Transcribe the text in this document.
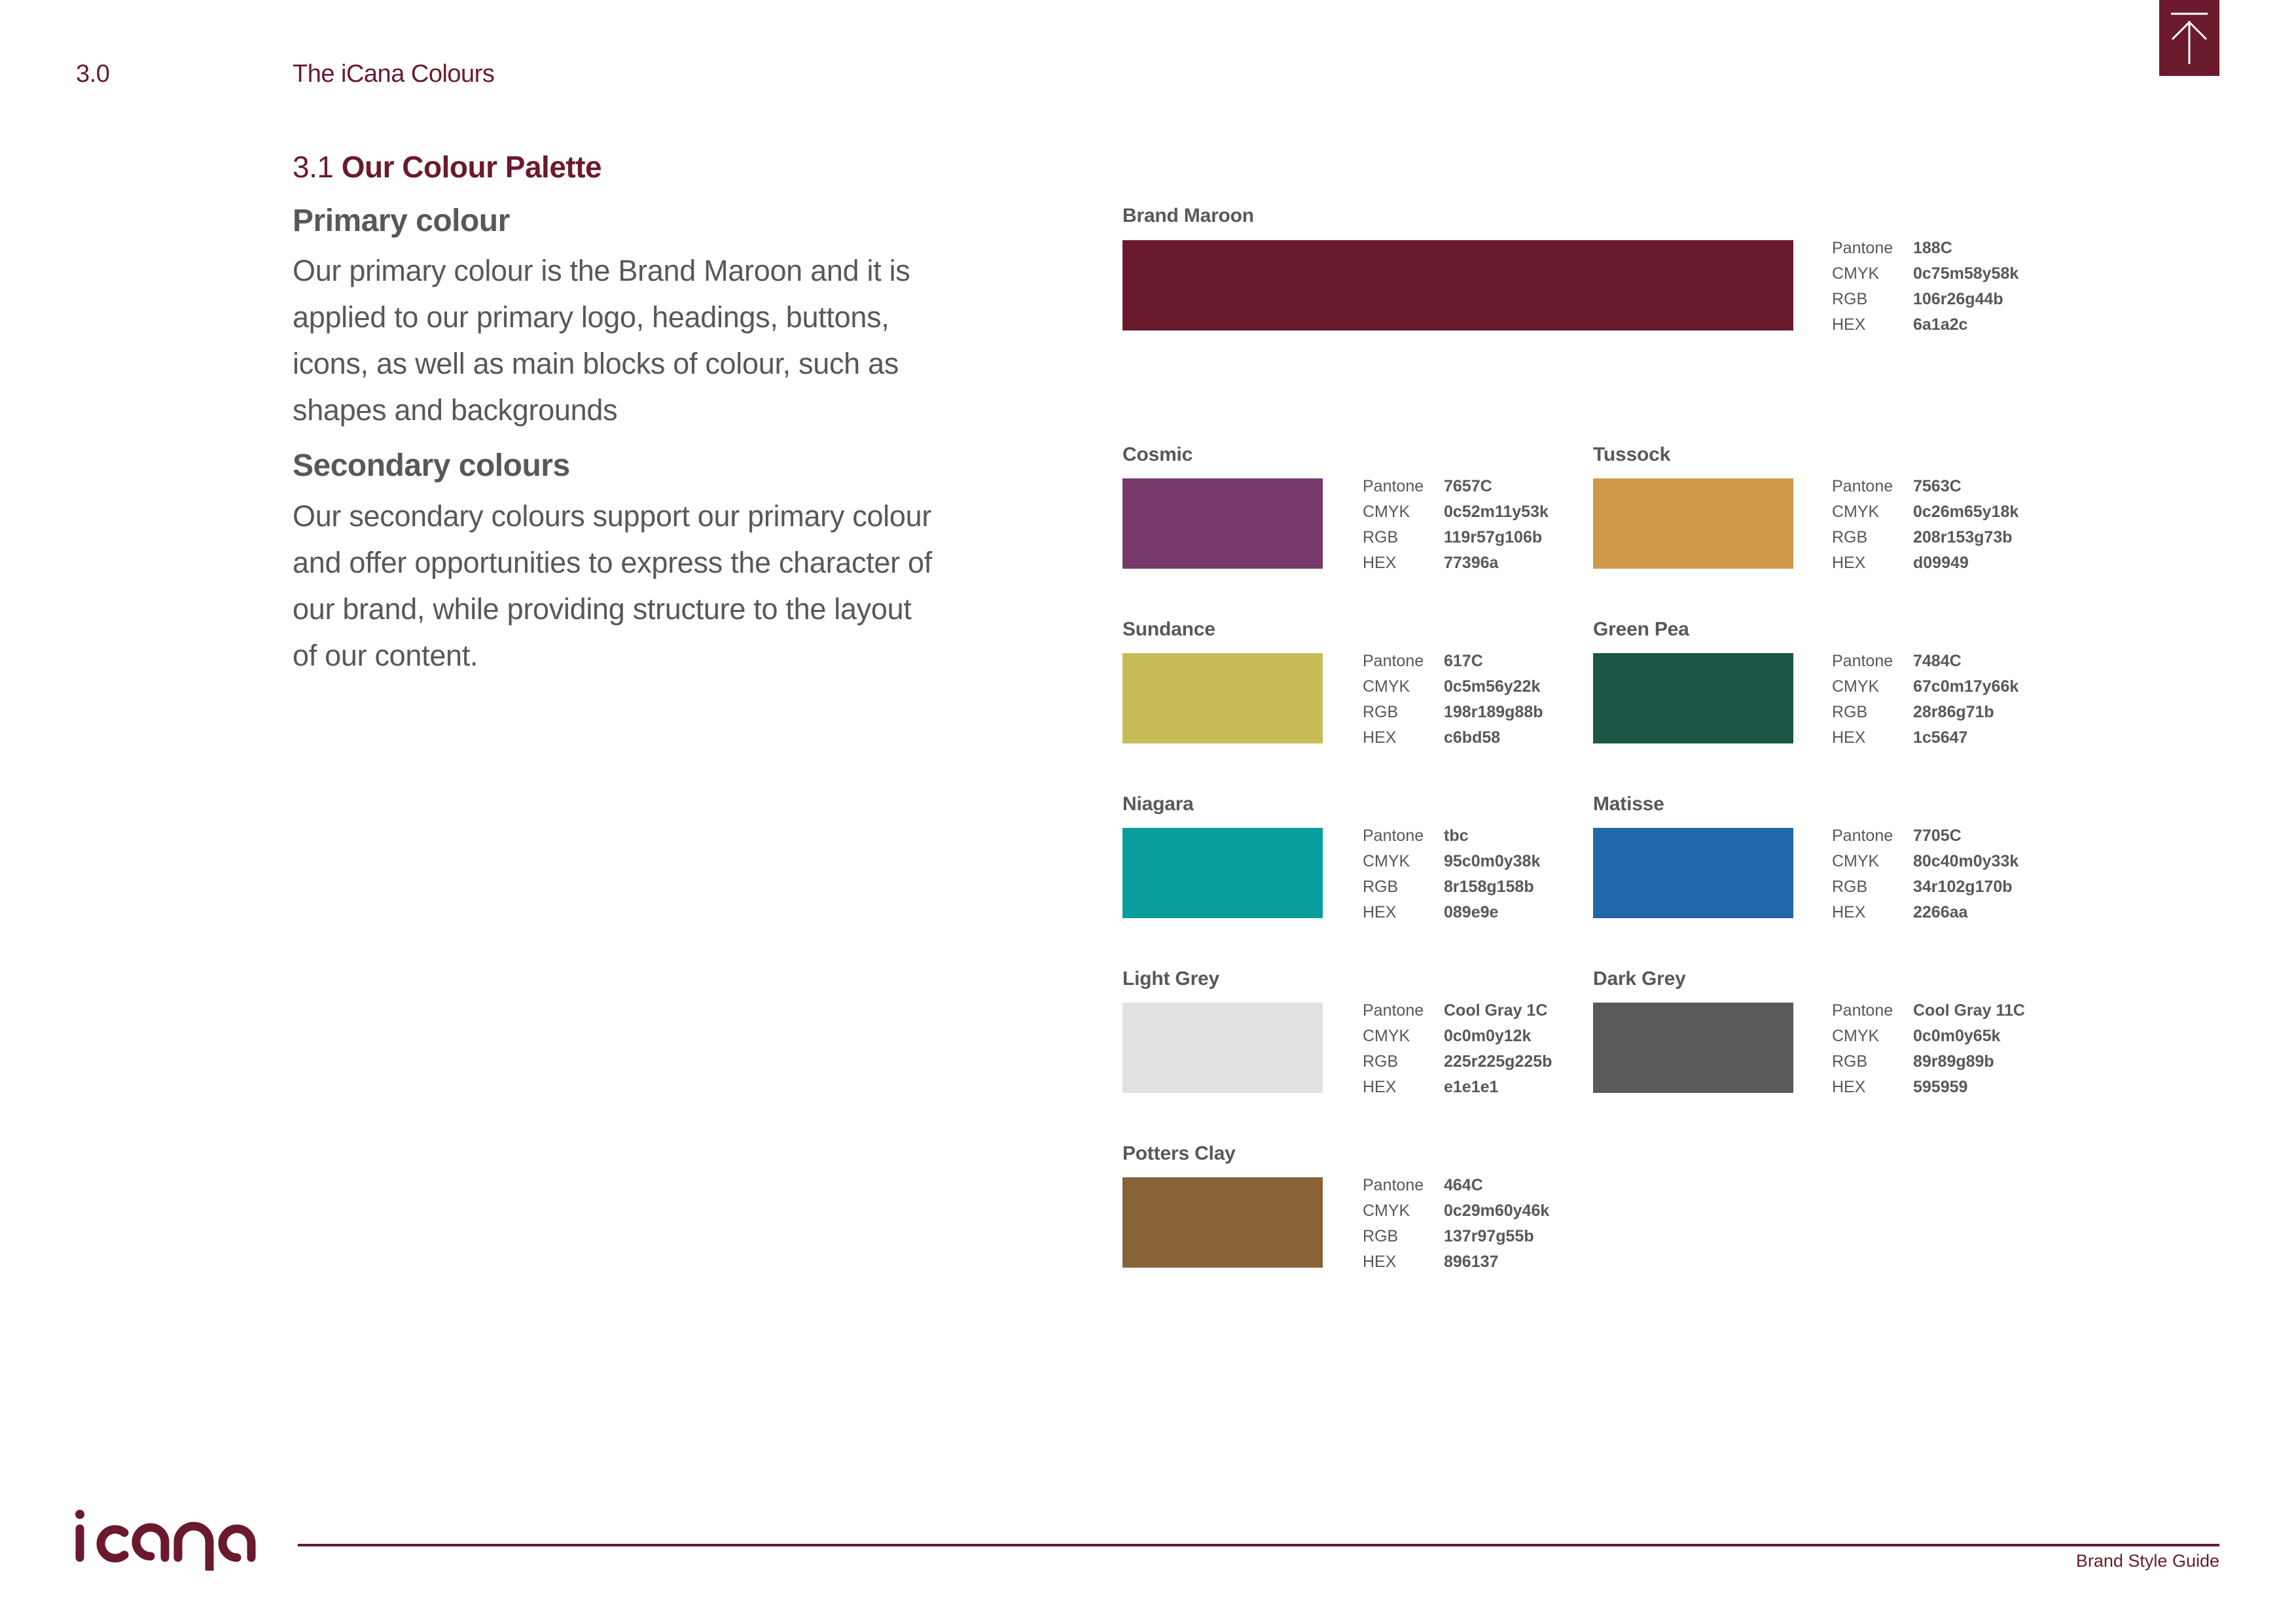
3.0	The iCana Colours
3.1 Our Colour Palette
Primary colour
Our primary colour is the Brand Maroon and it is
applied to our primary logo, headings, buttons,
icons, as well as main blocks of colour, such as
shapes and backgrounds
Secondary colours
Our secondary colours support our primary colour
and offer opportunities to express the character of
our brand, while providing structure to the layout
of our content.
Brand Maroon
Pantone	188C
CMYK	0c75m58y58k
RGB	106r26g44b
HEX	6a1a2c
Cosmic
Pantone	7657C
CMYK	0c52m11y53k
RGB	119r57g106b
HEX	77396a
Tussock
Pantone	7563C
CMYK	0c26m65y18k
RGB	208r153g73b
HEX	d09949
Sundance
Pantone	617C
CMYK	0c5m56y22k
RGB	198r189g88b
HEX	c6bd58
Green Pea
Pantone	7484C
CMYK	67c0m17y66k
RGB	28r86g71b
HEX	1c5647
Niagara
Pantone	tbc
CMYK	95c0m0y38k
RGB	8r158g158b
HEX	089e9e
Matisse
Pantone	7705C
CMYK	80c40m0y33k
RGB	34r102g170b
HEX	2266aa
Light Grey
Pantone	Cool Gray 1C
CMYK	0c0m0y12k
RGB	225r225g225b
HEX	e1e1e1
Dark Grey
Pantone	Cool Gray 11C
CMYK	0c0m0y65k
RGB	89r89g89b
HEX	595959
Potters Clay
Pantone	464C
CMYK	0c29m60y46k
RGB	137r97g55b
HEX	896137
Brand Style Guide
